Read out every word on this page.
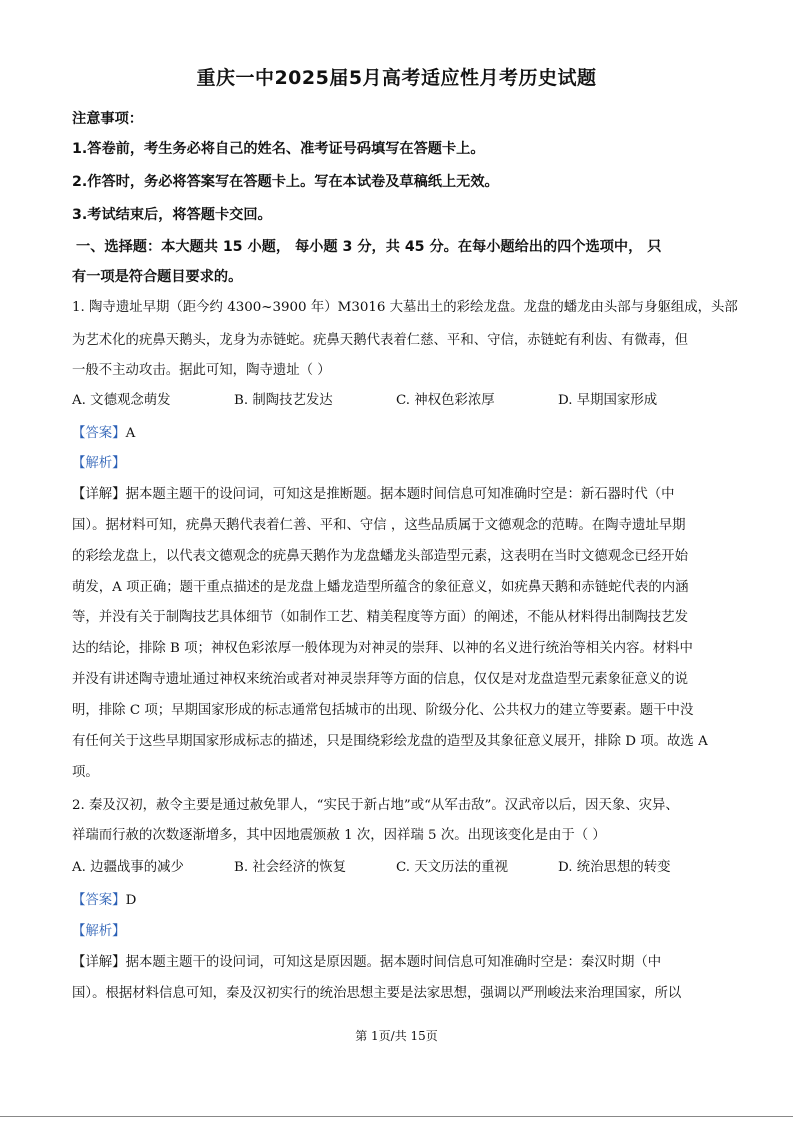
重庆一中2025届5月高考适应性月考历史试题
注意事项：
1.答卷前，考生务必将自己的姓名、准考证号码填写在答题卡上。
2.作答时，务必将答案写在答题卡上。写在本试卷及草稿纸上无效。
3.考试结束后，将答题卡交回。
一、选择题：本大题共 15 小题， 每小题 3 分，共 45 分。在每小题给出的四个选项中， 只
有一项是符合题目要求的。
1. 陶寺遗址早期（距今约 4300~3900 年）M3016 大墓出土的彩绘龙盘。龙盘的蟠龙由头部与身躯组成，头部
为艺术化的疣鼻天鹅头，龙身为赤链蛇。疣鼻天鹅代表着仁慈、平和、守信，赤链蛇有利齿、有微毒，但
一般不主动攻击。据此可知，陶寺遗址（ ）
A. 文德观念萌发	B. 制陶技艺发达	C. 神权色彩浓厚	D. 早期国家形成
【答案】A
【解析】
【详解】据本题主题干的设问词，可知这是推断题。据本题时间信息可知准确时空是：新石器时代（中
国）。据材料可知，疣鼻天鹅代表着仁善、平和、守信 ，这些品质属于文德观念的范畴。在陶寺遗址早期
的彩绘龙盘上，以代表文德观念的疣鼻天鹅作为龙盘蟠龙头部造型元素，这表明在当时文德观念已经开始
萌发，A 项正确；题干重点描述的是龙盘上蟠龙造型所蕴含的象征意义，如疣鼻天鹅和赤链蛇代表的内涵
等，并没有关于制陶技艺具体细节（如制作工艺、精美程度等方面）的阐述，不能从材料得出制陶技艺发
达的结论，排除 B 项；神权色彩浓厚一般体现为对神灵的崇拜、以神的名义进行统治等相关内容。材料中
并没有讲述陶寺遗址通过神权来统治或者对神灵崇拜等方面的信息，仅仅是对龙盘造型元素象征意义的说
明，排除 C 项；早期国家形成的标志通常包括城市的出现、阶级分化、公共权力的建立等要素。题干中没
有任何关于这些早期国家形成标志的描述，只是围绕彩绘龙盘的造型及其象征意义展开，排除 D 项。故选 A
项。
2. 秦及汉初，赦令主要是通过赦免罪人，“实民于新占地”或“从军击敌”。汉武帝以后，因天象、灾异、
祥瑞而行赦的次数逐渐增多，其中因地震颁赦 1 次，因祥瑞 5 次。出现该变化是由于（ ）
A. 边疆战事的减少	B. 社会经济的恢复	C. 天文历法的重视	D. 统治思想的转变
【答案】D
【解析】
【详解】据本题主题干的设问词，可知这是原因题。据本题时间信息可知准确时空是：秦汉时期（中
国）。根据材料信息可知，秦及汉初实行的统治思想主要是法家思想，强调以严刑峻法来治理国家，所以
第 1页/共 15页
